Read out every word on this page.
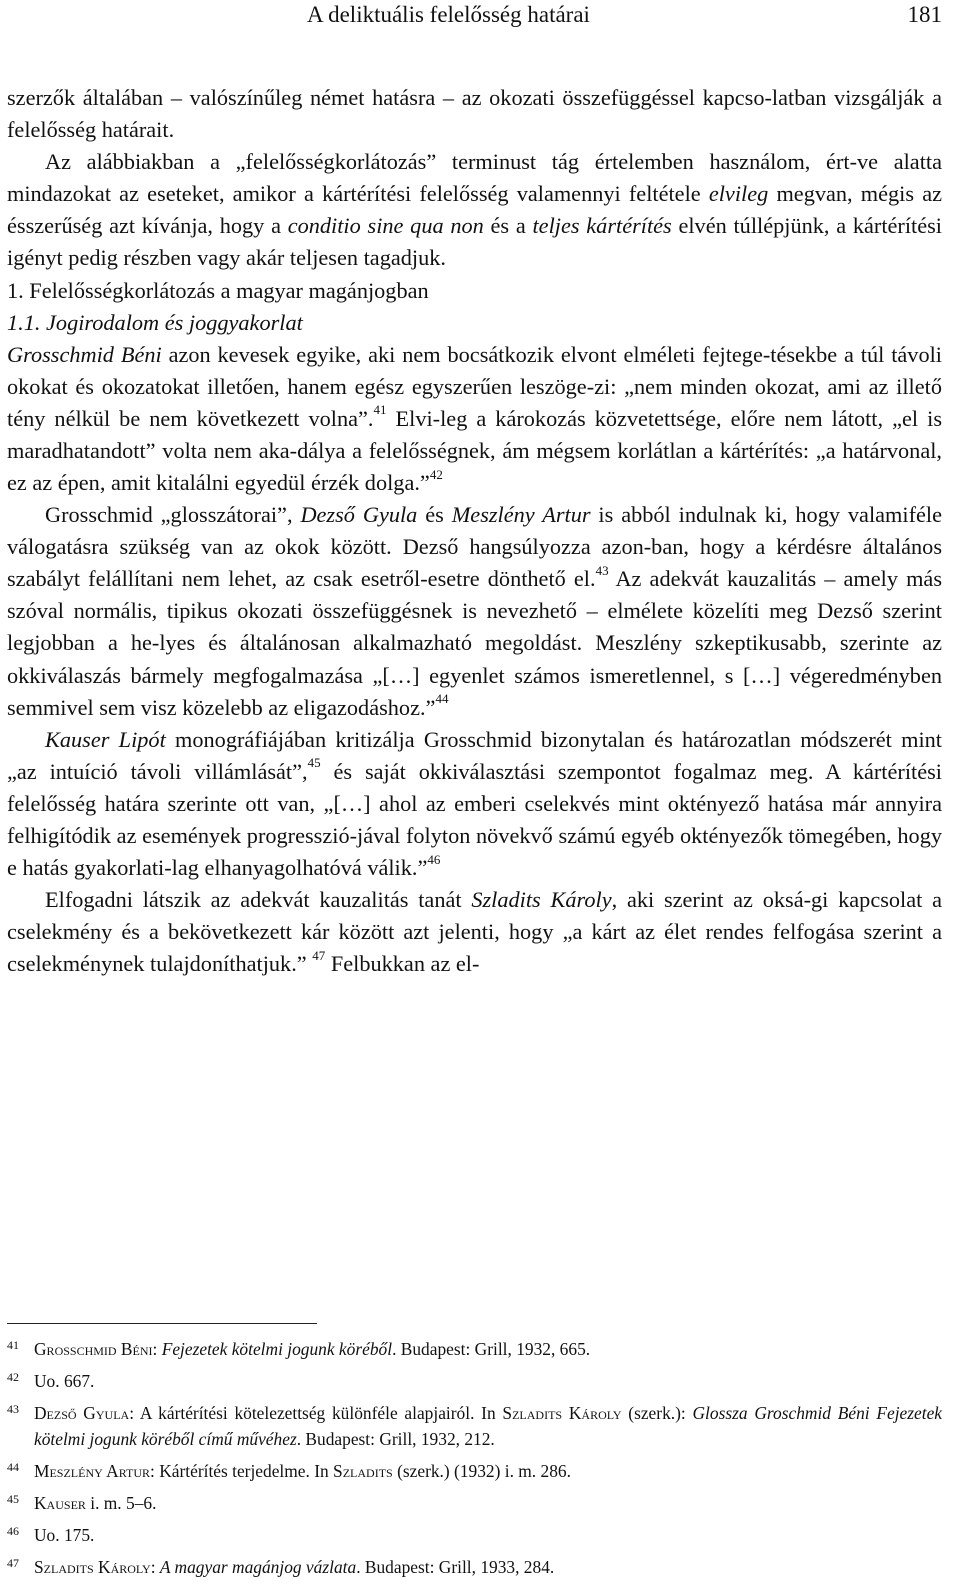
A deliktuális felelősség határai	181

szerzők általában – valószínűleg német hatásra – az okozati összefüggéssel kapcso-latban vizsgálják a felelősség határait.

Az alábbiakban a „felelősségkorlátozás” terminust tág értelemben használom, ért-ve alatta mindazokat az eseteket, amikor a kártérítési felelősség valamennyi feltétele elvileg megvan, mégis az ésszerűség azt kívánja, hogy a conditio sine qua non és a teljes kártérítés elvén túllépjünk, a kártérítési igényt pedig részben vagy akár teljesen tagadjuk.

1. Felelősségkorlátozás a magyar magánjogban

1.1. Jogirodalom és joggyakorlat

Grosschmid Béni azon kevesek egyike, aki nem bocsátkozik elvont elméleti fejtege-tésekbe a túl távoli okokat és okozatokat illetően, hanem egész egyszerűen leszöge-zi: „nem minden okozat, ami az illető tény nélkül be nem következett volna”.$^{41}$ Elvi-leg a károkozás közvetettsége, előre nem látott, „el is maradhatandott” volta nem aka-dálya a felelősségnek, ám mégsem korlátlan a kártérítés: „a határvonal, ez az épen, amit kitalálni egyedül érzék dolga.”$^{42}$

Grosschmid „glosszátorai”, Dezső Gyula és Meszlény Artur is abból indulnak ki, hogy valamiféle válogatásra szükség van az okok között. Dezső hangsúlyozza azon-ban, hogy a kérdésre általános szabályt felállítani nem lehet, az csak esetről-esetre dönthető el.$^{43}$ Az adekvát kauzalitás – amely más szóval normális, tipikus okozati összefüggésnek is nevezhető – elmélete közelíti meg Dezső szerint legjobban a he-lyes és általánosan alkalmazható megoldást. Meszlény szkeptikusabb, szerinte az okkiválaszás bármely megfogalmazása „[…] egyenlet számos ismeretlennel, s […] végeredményben semmivel sem visz közelebb az eligazodáshoz.”$^{44}$

Kauser Lipót monográfiájában kritizálja Grosschmid bizonytalan és határozatlan módszerét mint „az intuíció távoli villámlását”,$^{45}$ és saját okkiválasztási szempontot fogalmaz meg. A kártérítési felelősség határa szerinte ott van, „[…] ahol az emberi cselekvés mint oktényező hatása már annyira felhigítódik az események progresszió-jával folyton növekvő számú egyéb oktényezők tömegében, hogy e hatás gyakorlati-lag elhanyagolhatóvá válik.”$^{46}$

Elfogadni látszik az adekvát kauzalitás tanát Szladits Károly, aki szerint az oksá-gi kapcsolat a cselekmény és a bekövetkezett kár között azt jelenti, hogy „a kárt az élet rendes felfogása szerint a cselekménynek tulajdoníthatjuk.” $^{47}$ Felbukkan az el-

41 Grosschmid Béni: Fejezetek kötelmi jogunk köréből. Budapest: Grill, 1932, 665.
42 Uo. 667.
43 Dezső Gyula: A kártérítési kötelezettség különféle alapjairól. In Szladits Károly (szerk.): Glossza Groschmid Béni Fejezetek kötelmi jogunk köréből című művéhez. Budapest: Grill, 1932, 212.
44 Meszlény Artur: Kártérítés terjedelme. In Szladits (szerk.) (1932) i. m. 286.
45 Kauser i. m. 5–6.
46 Uo. 175.
47 Szladits Károly: A magyar magánjog vázlata. Budapest: Grill, 1933, 284.
